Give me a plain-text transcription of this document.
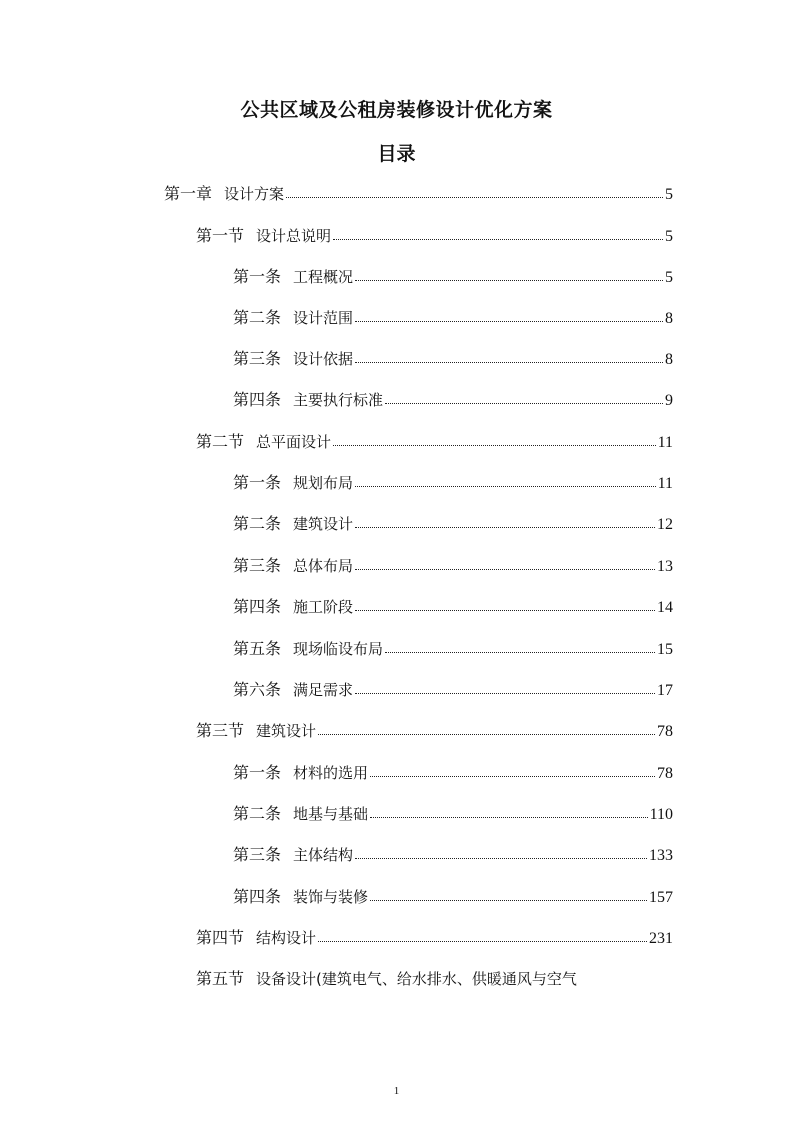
公共区域及公租房装修设计优化方案
目录
第一章 设计方案	5
第一节 设计总说明	5
第一条 工程概况	5
第二条 设计范围	8
第三条 设计依据	8
第四条 主要执行标准	9
第二节 总平面设计	11
第一条 规划布局	11
第二条 建筑设计	12
第三条 总体布局	13
第四条 施工阶段	14
第五条 现场临设布局	15
第六条 满足需求	17
第三节 建筑设计	78
第一条 材料的选用	78
第二条 地基与基础	110
第三条 主体结构	133
第四条 装饰与装修	157
第四节 结构设计	231
第五节 设备设计(建筑电气、给水排水、供暖通风与空气
1
